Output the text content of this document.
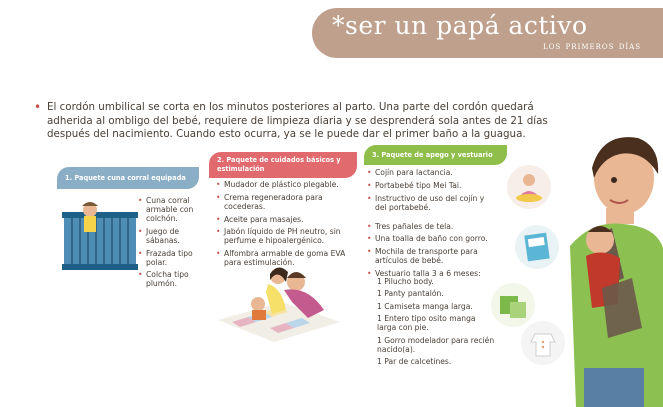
*ser un papá activo
los primeros días
• El cordón umbilical se corta en los minutos posteriores al parto. Una parte del cordón quedará adherida al ombligo del bebé, requiere de limpieza diaria y se desprenderá sola antes de 21 días después del nacimiento. Cuando esto ocurra, ya se le puede dar el primer baño a la guagua.
1. Paquete cuna corral equipada
• Cuna corral armable con colchón.
• Juego de sábanas.
• Frazada tipo polar.
• Colcha tipo plumón.
2. Paquete de cuidados básicos y estimulación
• Mudador de plástico plegable.
• Crema regeneradora para cocederas.
• Aceite para masajes.
• Jabón líquido de PH neutro, sin perfume e hipoalergénico.
• Alfombra armable de goma EVA para estimulación.
3. Paquete de apego y vestuario
• Cojín para lactancia.
• Portabebé tipo Mei Tai.
• Instructivo de uso del cojín y del portabebé.
• Tres pañales de tela.
• Una toalla de baño con gorro.
• Mochila de transporte para artículos de bebé.
• Vestuario talla 3 a 6 meses:
1 Pilucho body.
1 Panty pantalón.
1 Camiseta manga larga.
1 Entero tipo osito manga larga con pie.
1 Gorro modelador para recién nacido(a).
1 Par de calcetines.
